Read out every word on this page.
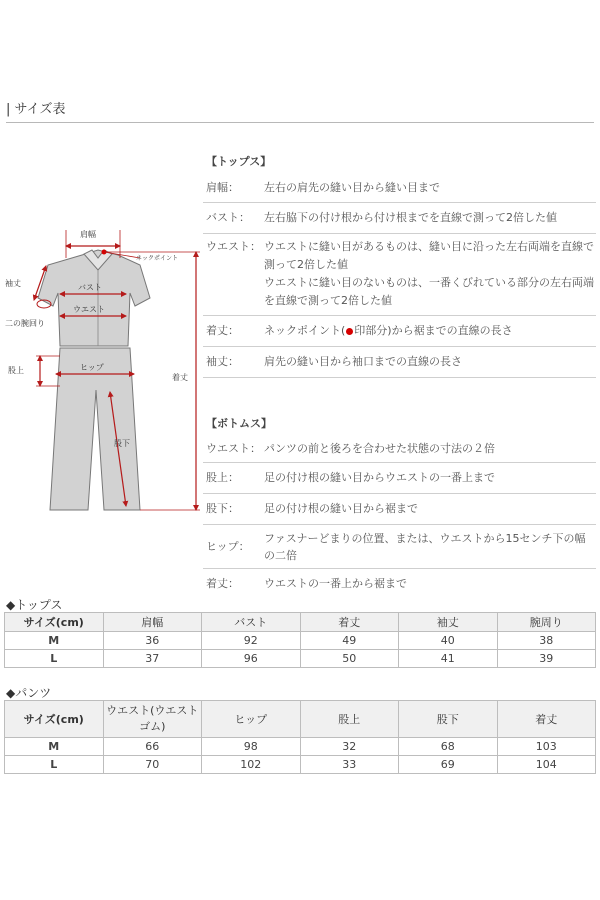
| サイズ表
肩幅
ネックポイント
袖丈	バスト
ウエスト
二の腕回り
股上	ヒップ
股下
着丈
【トップス】
肩幅：	左右の肩先の縫い目から縫い目まで
バスト：	左右脇下の付け根から付け根までを直線で測って2倍した値
ウエスト： ウエストに縫い目があるものは、縫い目に沿った左右両端を直線で測って2倍した値
ウエストに縫い目のないものは、一番くびれている部分の左右両端を直線で測って2倍した値
着丈：	ネックポイント( 印部分)から裾までの直線の長さ
袖丈：	肩先の縫い目から袖口までの直線の長さ
【ボトムス】
ウエスト： パンツの前と後ろを合わせた状態の寸法の２倍
股上：	足の付け根の縫い目からウエストの一番上まで
股下：	足の付け根の縫い目から裾まで
ヒップ：
ファスナーどまりの位置、または、ウエストから15センチ下の幅の二倍
着丈：	ウエストの一番上から裾まで
◆トップス
サイズ(cm)	肩幅	バスト	着丈	袖丈	腕周り
M	36	92	49	40	38
L	37	96	50	41	39
◆パンツ
サイズ(cm)	ウエスト(ウエストゴム)	ヒップ	股上	股下	着丈
M	66	98	32	68	103
L	70	102	33	69	104
